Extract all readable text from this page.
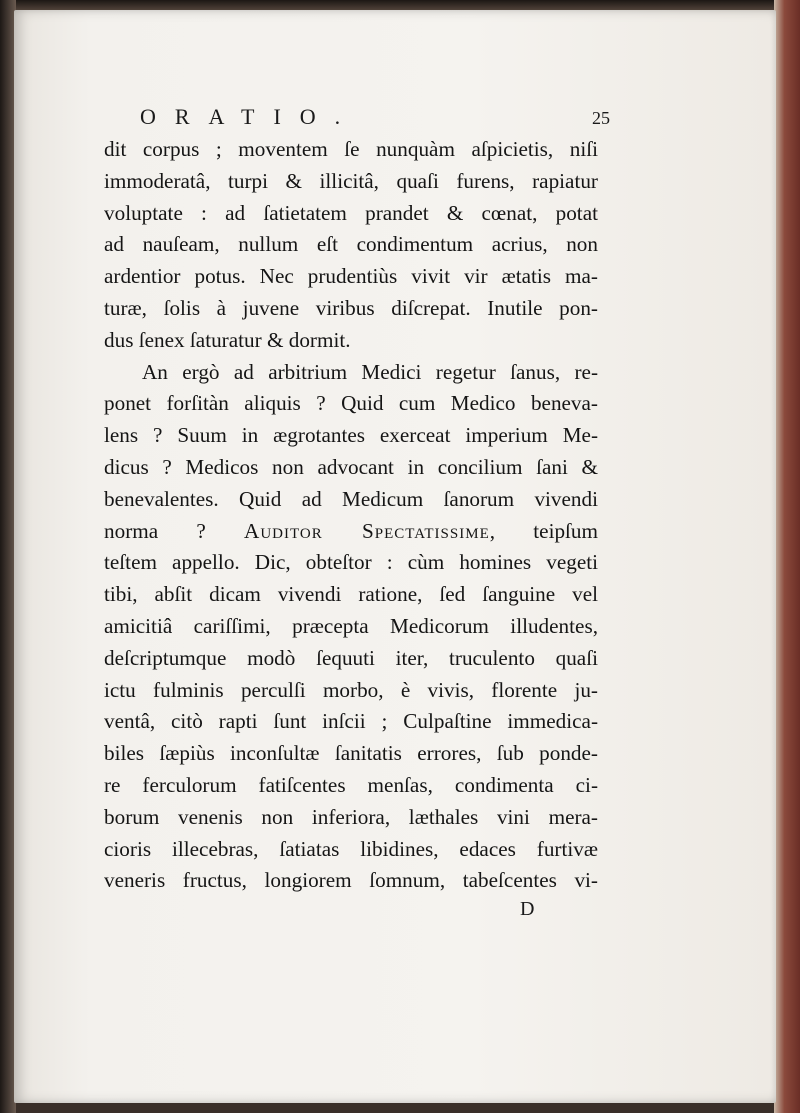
ORATIO.	25
dit corpus ; moventem ſe nunquàm aſpicietis, niſi
immoderatâ, turpi & illicitâ, quaſi furens, rapiatur
voluptate : ad ſatietatem prandet & cœnat, potat
ad nauſeam, nullum eſt condimentum acrius, non
ardentior potus. Nec prudentiùs vivit vir ætatis ma-
turæ, ſolis à juvene viribus diſcrepat. Inutile pon-
dus ſenex ſaturatur & dormit.
An ergò ad arbitrium Medici regetur ſanus, re-
ponet forſitàn aliquis ? Quid cum Medico beneva-
lens ? Suum in ægrotantes exerceat imperium Me-
dicus ? Medicos non advocant in concilium ſani &
benevalentes. Quid ad Medicum ſanorum vivendi
norma ? Auditor Spectatissime, teipſum
teſtem appello. Dic, obteſtor : cùm homines vegeti
tibi, abſit dicam vivendi ratione, ſed ſanguine vel
amicitiâ cariſſimi, præcepta Medicorum illudentes,
deſcriptumque modò ſequuti iter, truculento quaſi
ictu fulminis perculſi morbo, è vivis, florente ju-
ventâ, citò rapti ſunt inſcii ; Culpaſtine immedica-
biles ſæpiùs inconſultæ ſanitatis errores, ſub ponde-
re ferculorum fatiſcentes menſas, condimenta ci-
borum venenis non inferiora, læthales vini mera-
cioris illecebras, ſatiatas libidines, edaces furtivæ
veneris fructus, longiorem ſomnum, tabeſcentes vi-
D
